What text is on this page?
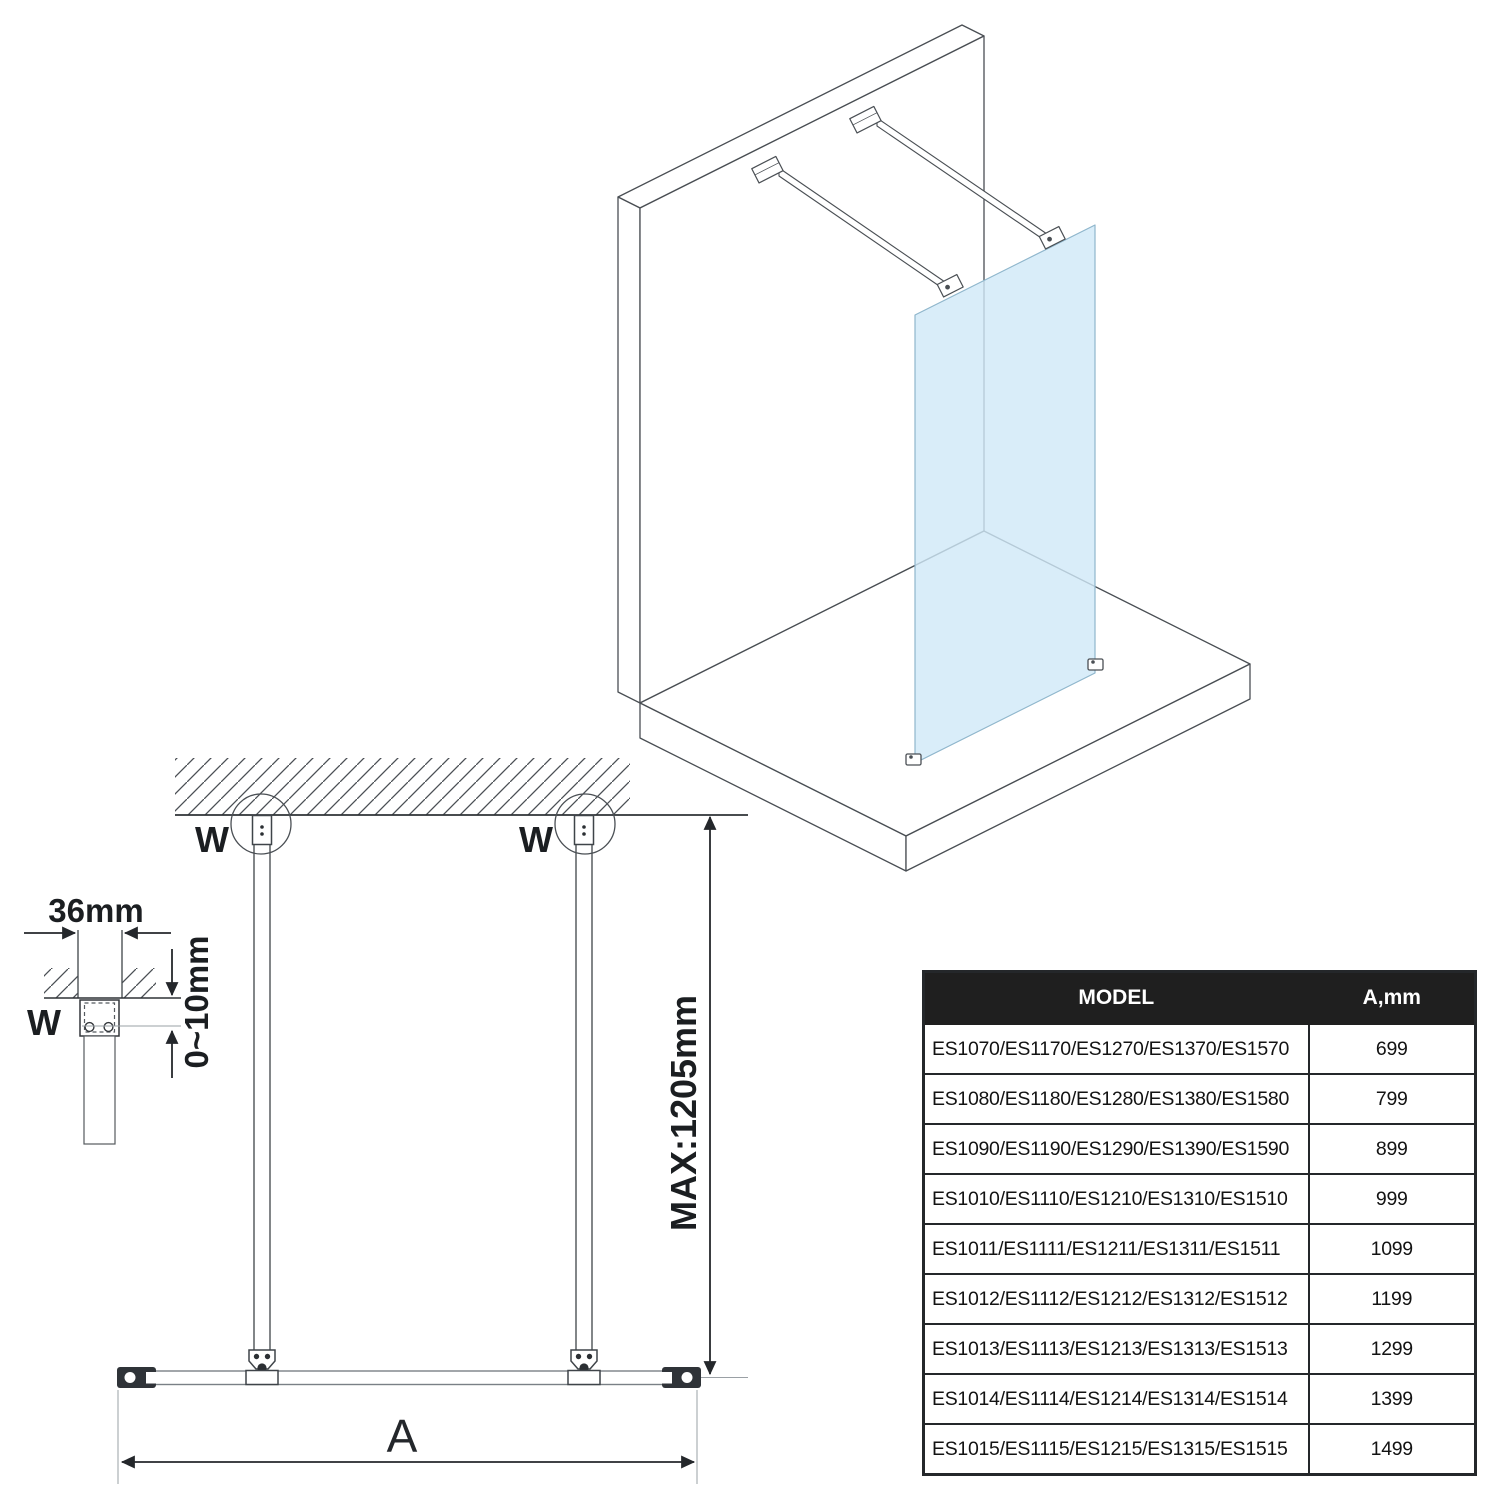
W	W
MAX:1205mm
A
36mm
0~10mm
W
MODEL	A,mm
ES1070/ES1170/ES1270/ES1370/ES1570	699
ES1080/ES1180/ES1280/ES1380/ES1580	799
ES1090/ES1190/ES1290/ES1390/ES1590	899
ES1010/ES1110/ES1210/ES1310/ES1510	999
ES1011/ES1111/ES1211/ES1311/ES1511	1099
ES1012/ES1112/ES1212/ES1312/ES1512	1199
ES1013/ES1113/ES1213/ES1313/ES1513	1299
ES1014/ES1114/ES1214/ES1314/ES1514	1399
ES1015/ES1115/ES1215/ES1315/ES1515	1499
